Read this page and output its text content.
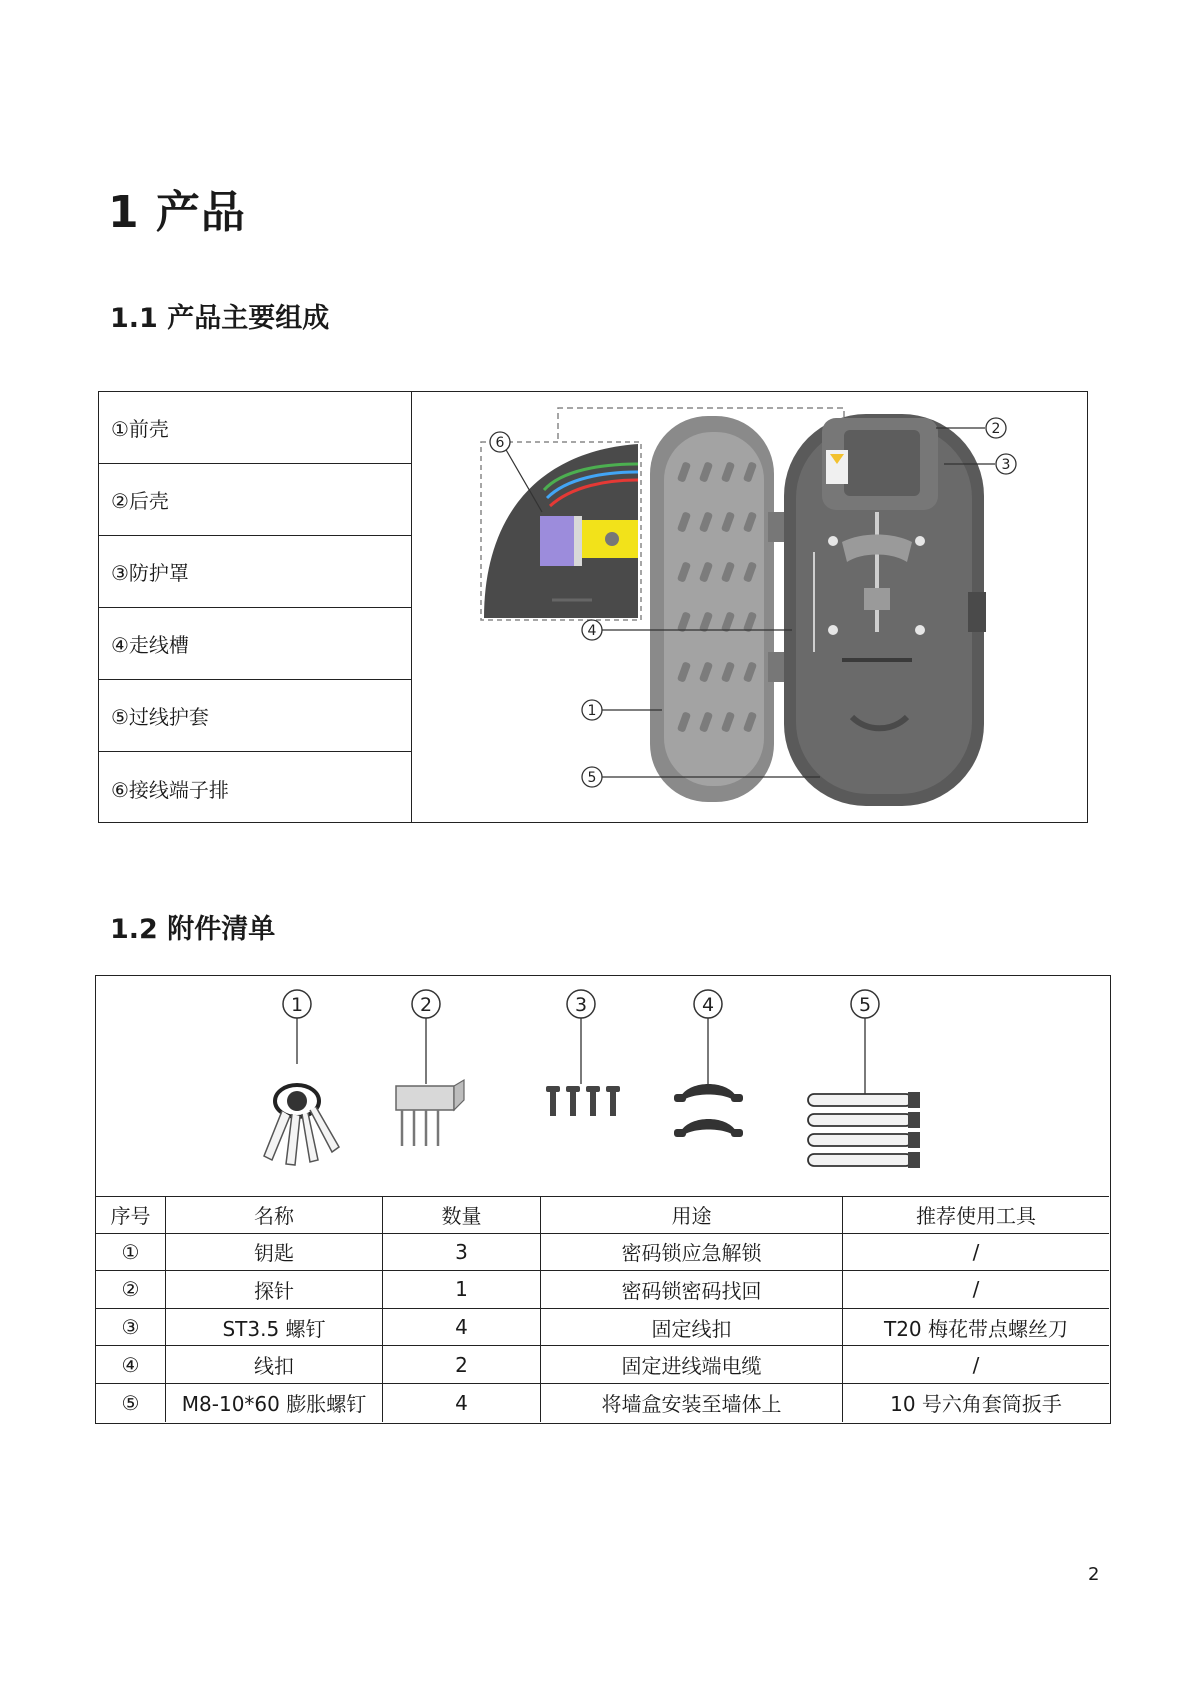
1 产品
1.1 产品主要组成
①前壳
②后壳
③防护罩
④走线槽
⑤过线护套
⑥接线端子排
6
2
3
4
1
5
1.2 附件清单
1	2	3	4	5
序号	名称	数量	用途	推荐使用工具
①	钥匙	3	密码锁应急解锁	/
②	探针	1	密码锁密码找回	/
③	ST3.5 螺钉	4	固定线扣	T20 梅花带点螺丝刀
④	线扣	2	固定进线端电缆	/
⑤	M8-10*60 膨胀螺钉	4	将墙盒安装至墙体上	10 号六角套筒扳手
2
